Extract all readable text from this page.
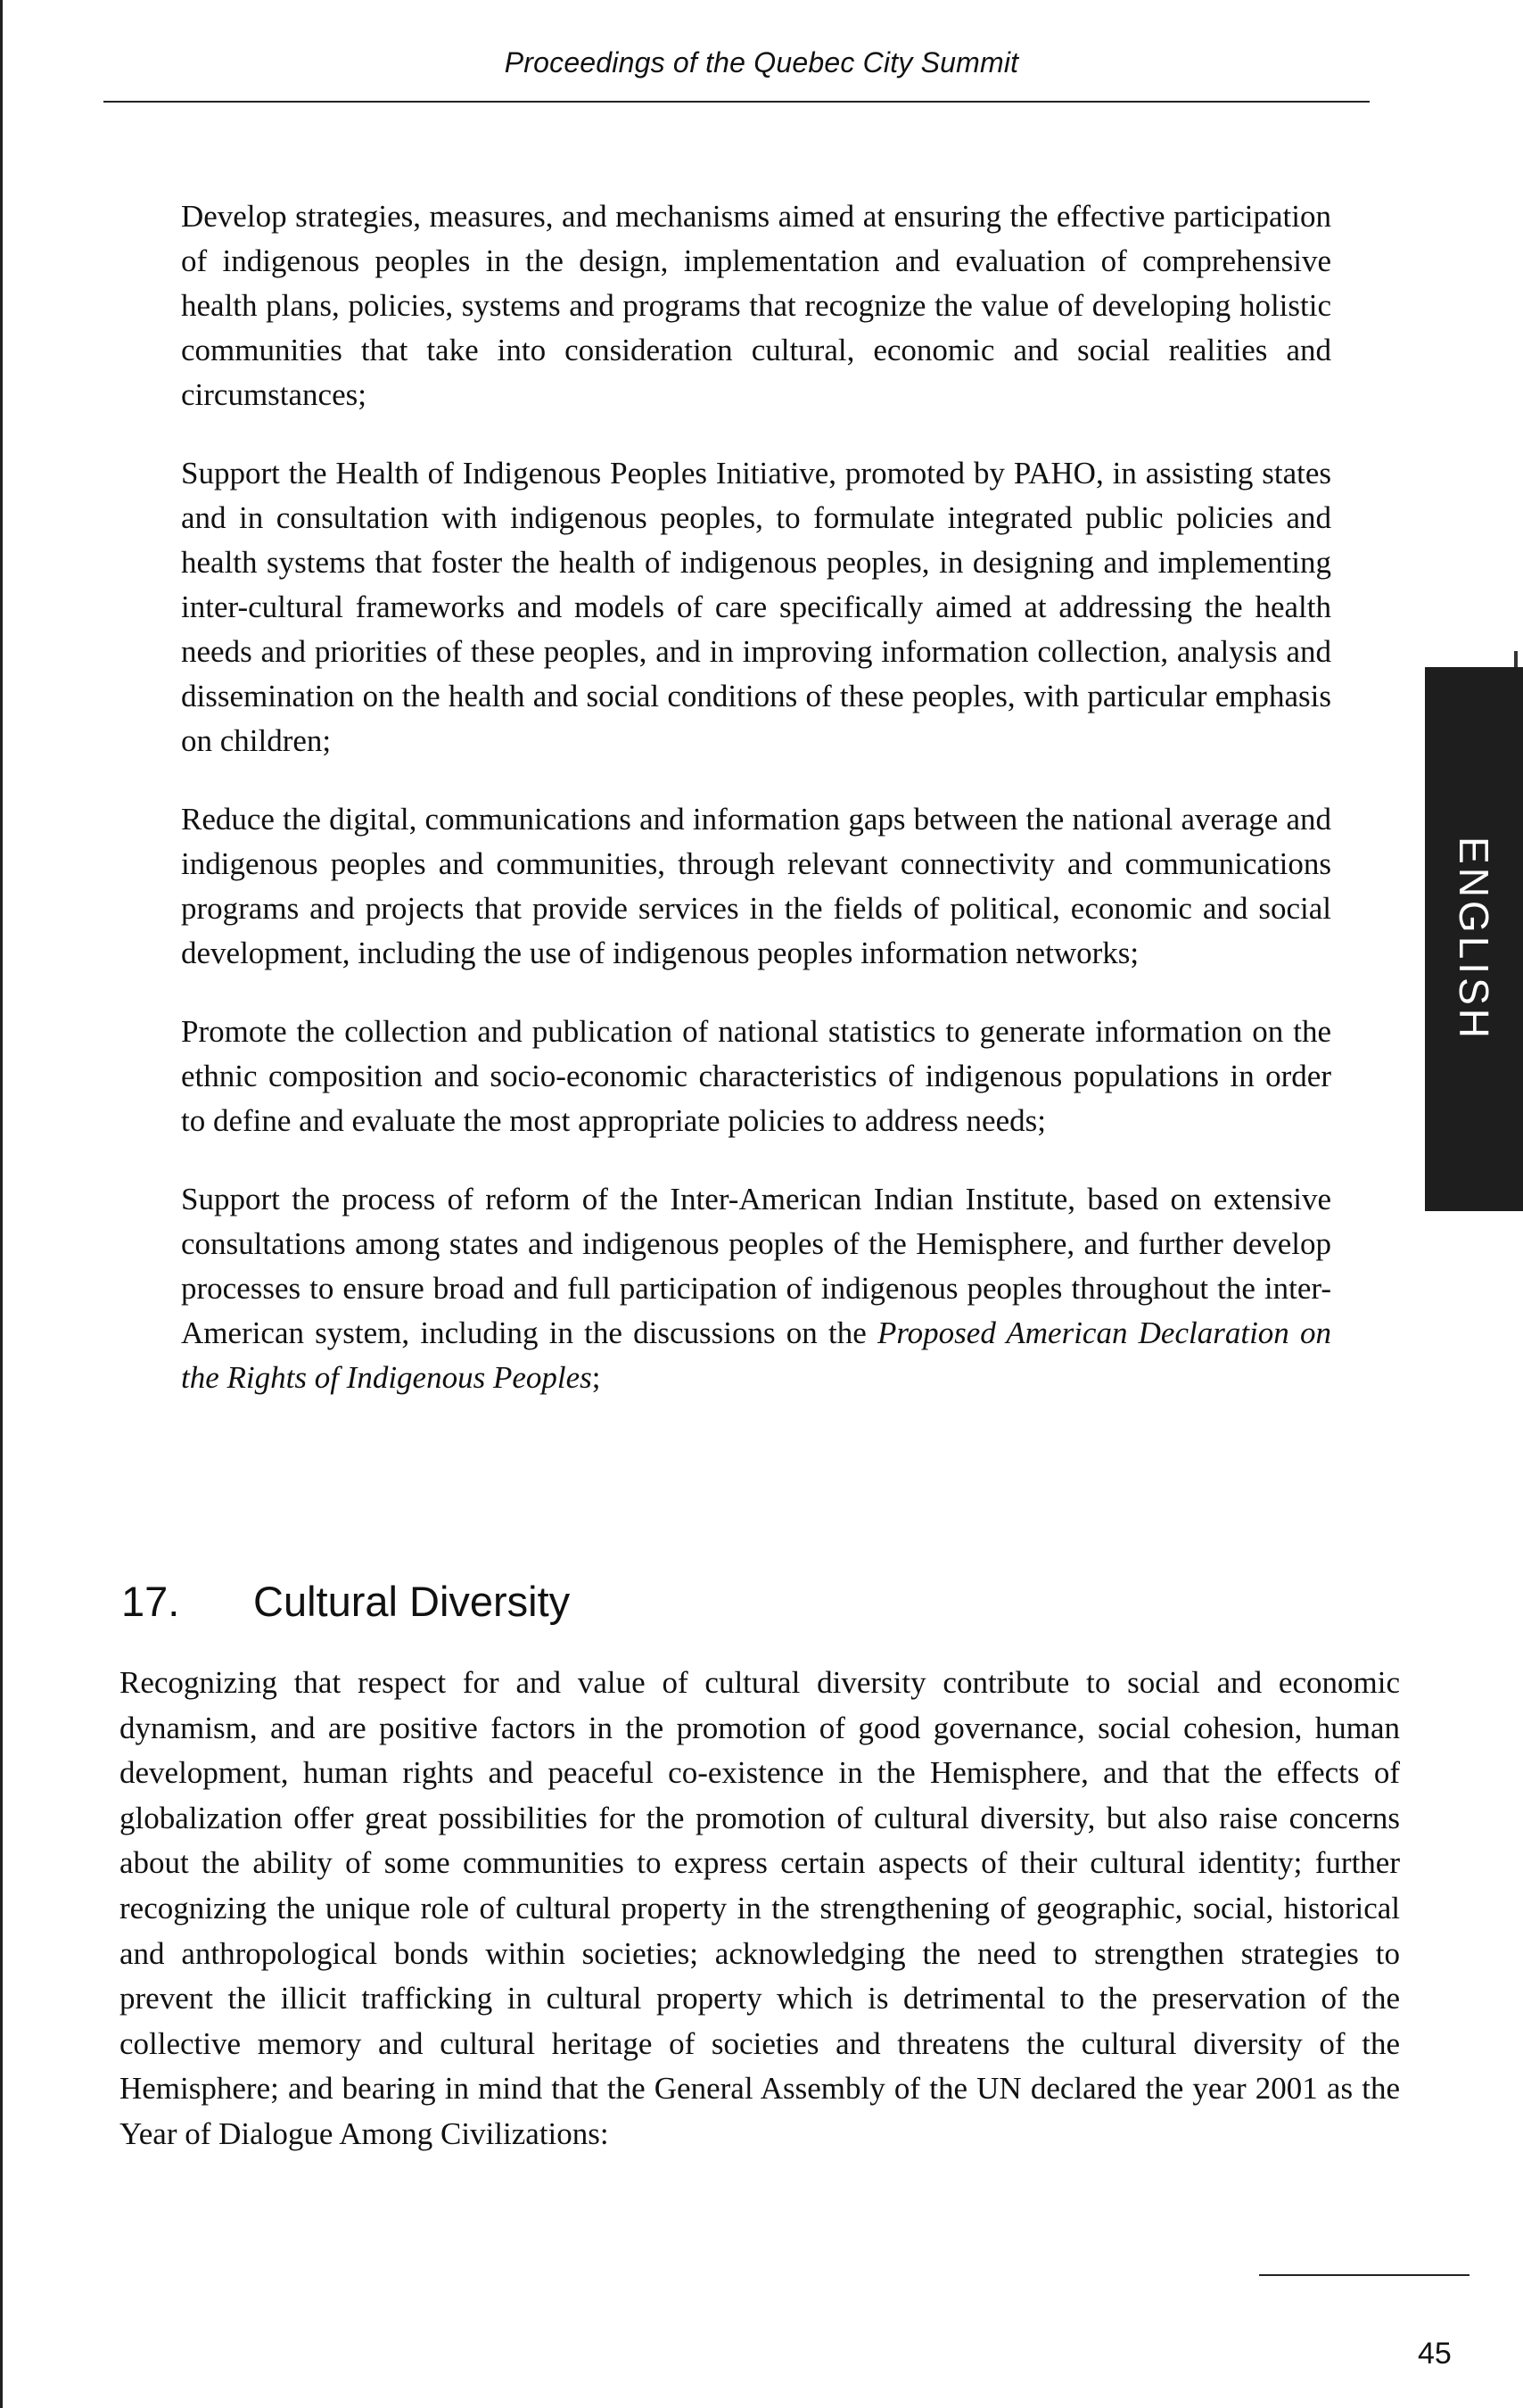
Proceedings of the Quebec City Summit

Develop strategies, measures, and mechanisms aimed at ensuring the effective participation of indigenous peoples in the design, implementation and evaluation of comprehensive health plans, policies, systems and programs that recognize the value of developing holistic communities that take into consideration cultural, economic and social realities and circumstances;

Support the Health of Indigenous Peoples Initiative, promoted by PAHO, in assisting states and in consultation with indigenous peoples, to formulate integrated public policies and health systems that foster the health of indigenous peoples, in designing and implementing inter-cultural frameworks and models of care specifically aimed at addressing the health needs and priorities of these peoples, and in improving information collection, analysis and dissemination on the health and social conditions of these peoples, with particular emphasis on children;

Reduce the digital, communications and information gaps between the national average and indigenous peoples and communities, through relevant connectivity and communications programs and projects that provide services in the fields of political, economic and social development, including the use of indigenous peoples information networks;

Promote the collection and publication of national statistics to generate information on the ethnic composition and socio-economic characteristics of indigenous populations in order to define and evaluate the most appropriate policies to address needs;

Support the process of reform of the Inter-American Indian Institute, based on extensive consultations among states and indigenous peoples of the Hemisphere, and further develop processes to ensure broad and full participation of indigenous peoples throughout the inter-American system, including in the discussions on the Proposed American Declaration on the Rights of Indigenous Peoples;

17. Cultural Diversity

Recognizing that respect for and value of cultural diversity contribute to social and economic dynamism, and are positive factors in the promotion of good governance, social cohesion, human development, human rights and peaceful co-existence in the Hemisphere, and that the effects of globalization offer great possibilities for the promotion of cultural diversity, but also raise concerns about the ability of some communities to express certain aspects of their cultural identity; further recognizing the unique role of cultural property in the strengthening of geographic, social, historical and anthropological bonds within societies; acknowledging the need to strengthen strategies to prevent the illicit trafficking in cultural property which is detrimental to the preservation of the collective memory and cultural heritage of societies and threatens the cultural diversity of the Hemisphere; and bearing in mind that the General Assembly of the UN declared the year 2001 as the Year of Dialogue Among Civilizations:

ENGLISH
45
